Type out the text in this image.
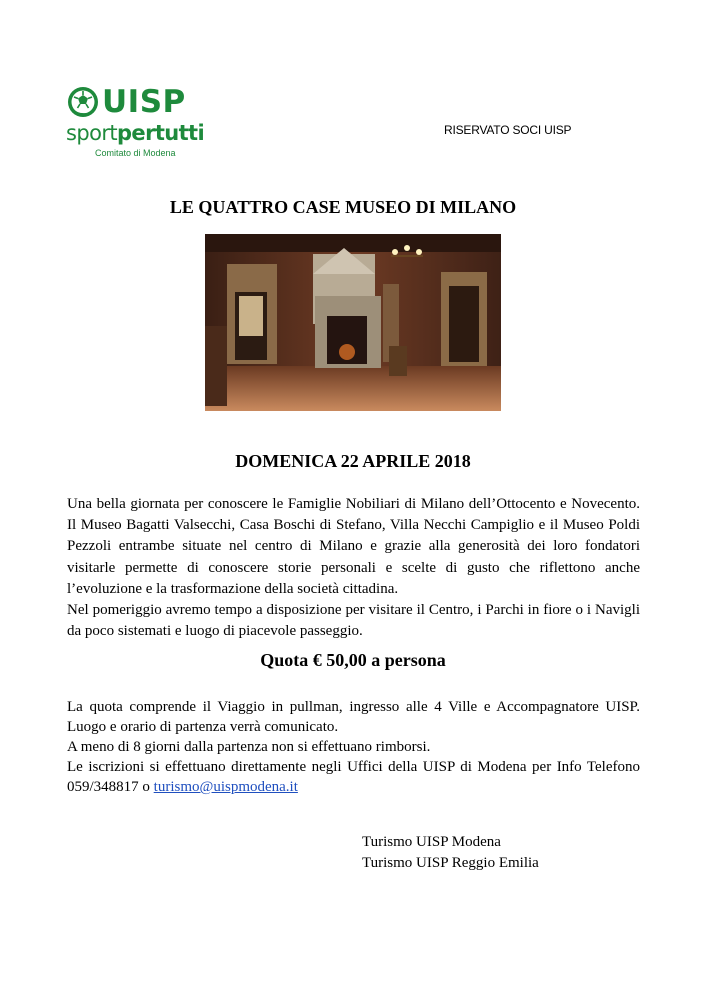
UISP
sportpertutti
Comitato di Modena
RISERVATO SOCI UISP
LE QUATTRO CASE MUSEO DI MILANO
DOMENICA 22 APRILE 2018

Una bella giornata per conoscere le Famiglie Nobiliari di Milano dell’Ottocento e Novecento. Il Museo Bagatti Valsecchi, Casa Boschi di Stefano, Villa Necchi Campiglio e il Museo Poldi Pezzoli entrambe situate nel centro di Milano e grazie alla generosità dei loro fondatori visitarle permette di conoscere storie personali e scelte di gusto che riflettono anche l’evoluzione e la trasformazione della società cittadina.

Nel pomeriggio avremo tempo a disposizione per visitare il Centro, i Parchi in fiore o i Navigli da poco sistemati e luogo di piacevole passeggio.

Quota € 50,00 a persona

La quota comprende il Viaggio in pullman, ingresso alle 4 Ville e Accompagnatore UISP. Luogo e orario di partenza verrà comunicato.

A meno di 8 giorni dalla partenza non si effettuano rimborsi.

Le iscrizioni si effettuano direttamente negli Uffici della UISP di Modena per Info Telefono 059/348817 o turismo@uispmodena.it

Turismo UISP Modena
Turismo UISP Reggio Emilia
